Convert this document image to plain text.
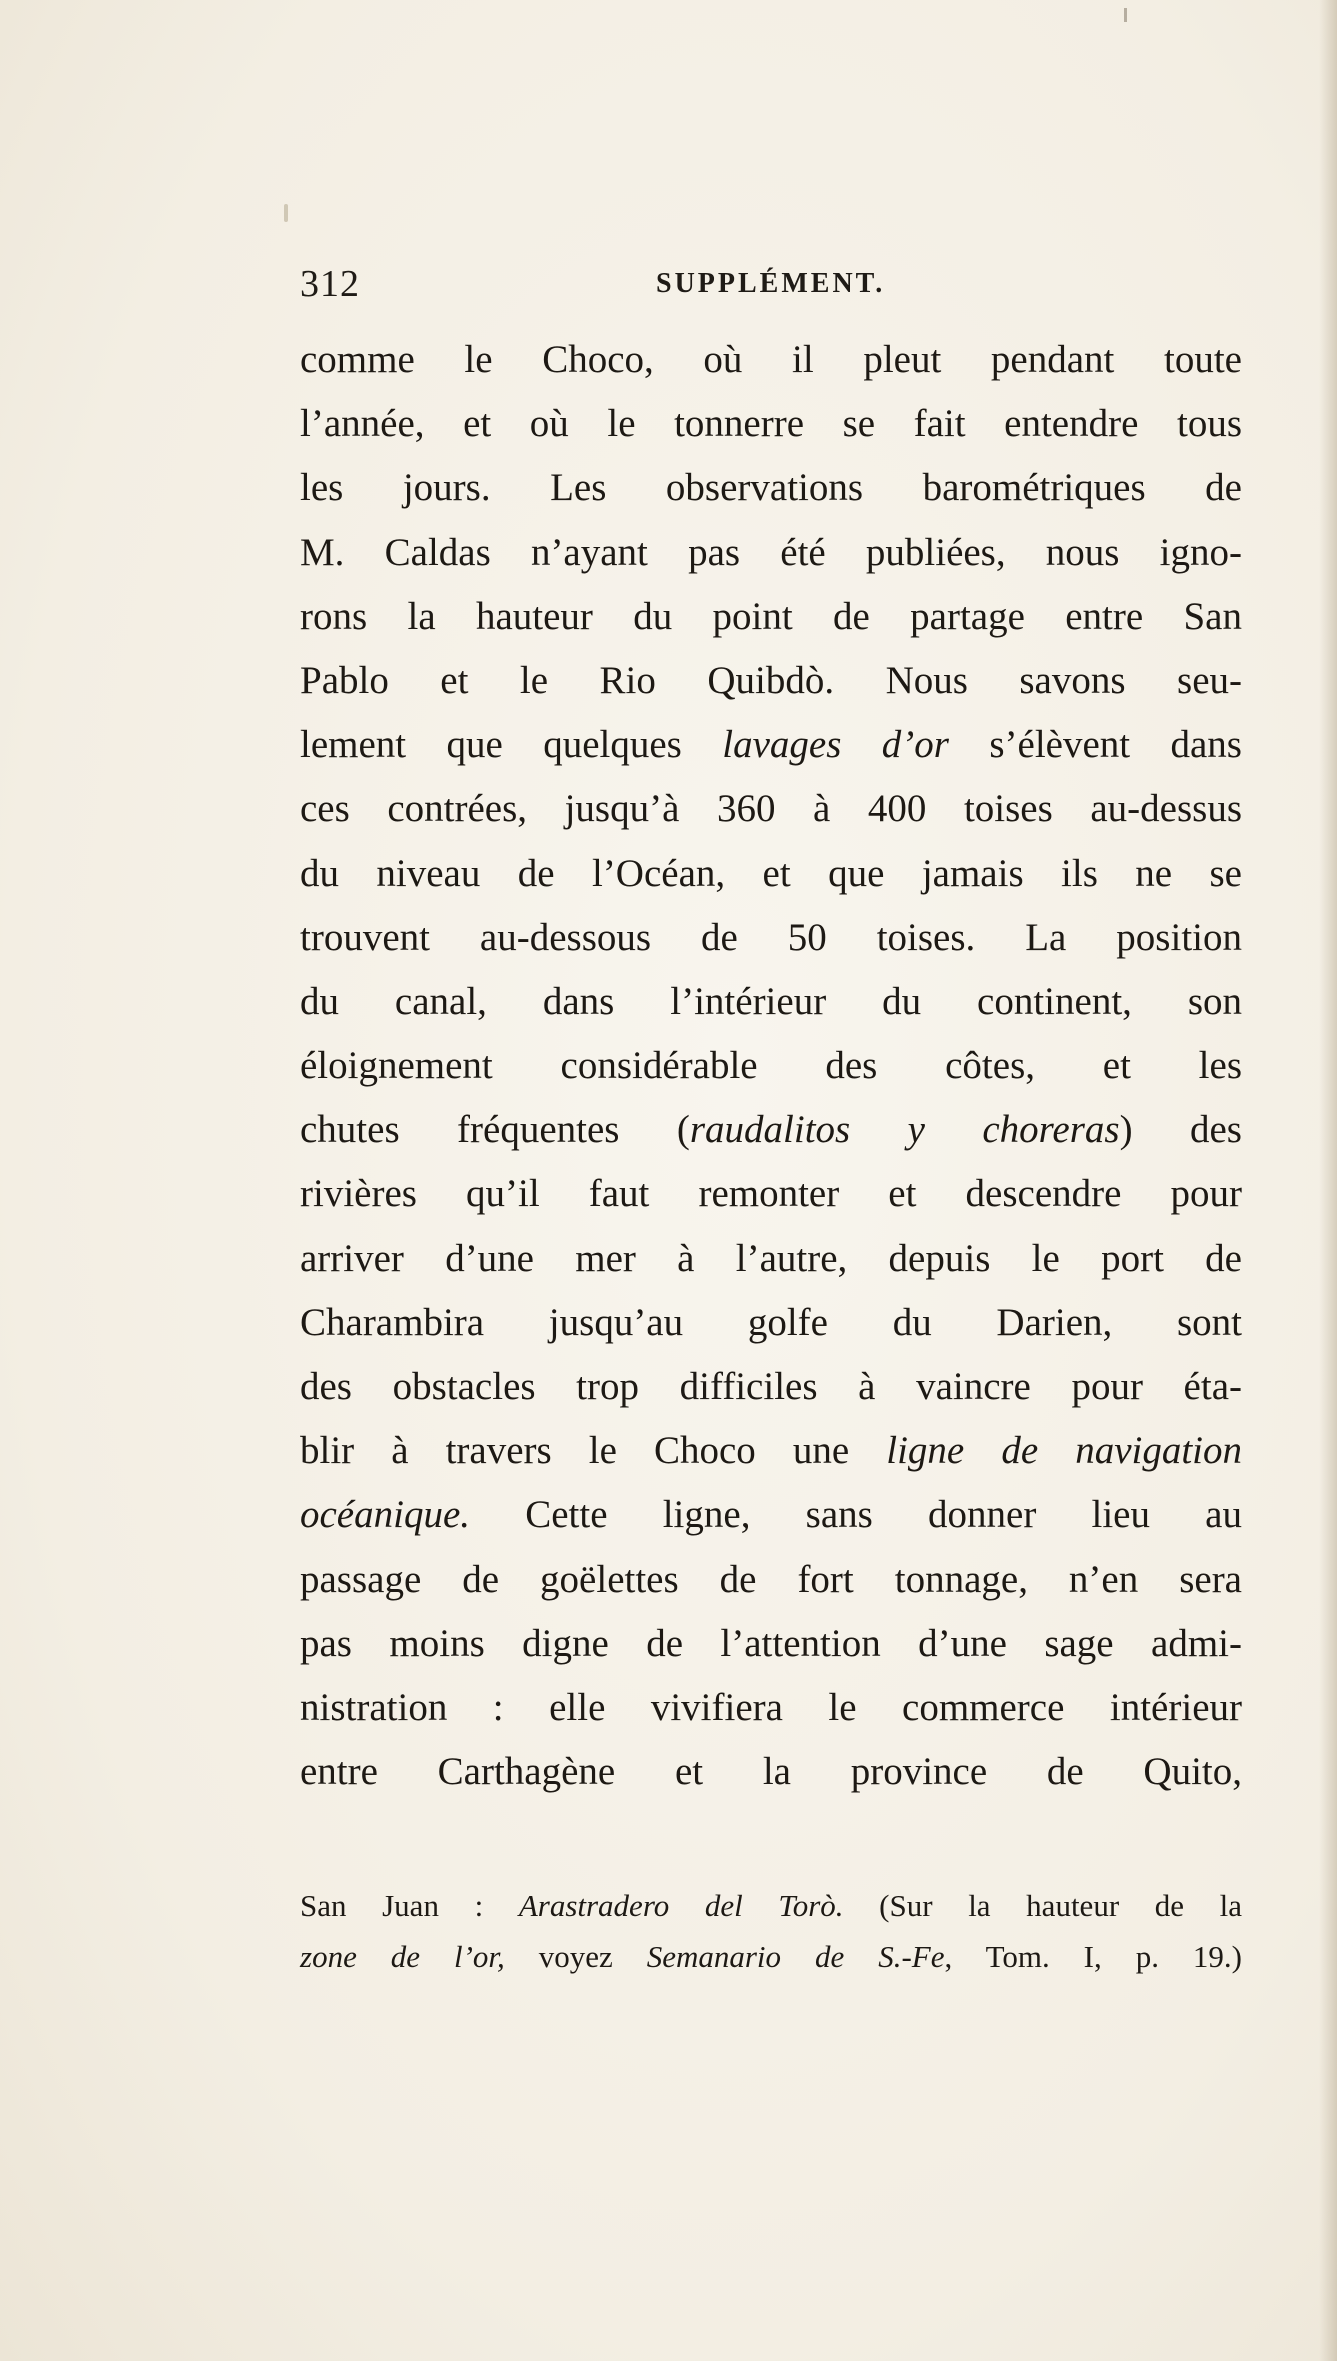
312	SUPPLÉMENT.
comme le Choco, où il pleut pendant toute
l’année, et où le tonnerre se fait entendre tous
les jours. Les observations barométriques de
M. Caldas n’ayant pas été publiées, nous igno-
rons la hauteur du point de partage entre San
Pablo et le Rio Quibdò. Nous savons seu-
lement que quelques lavages d’or s’élèvent dans
ces contrées, jusqu’à 360 à 400 toises au-dessus
du niveau de l’Océan, et que jamais ils ne se
trouvent au-dessous de 50 toises. La position
du canal, dans l’intérieur du continent, son
éloignement considérable des côtes, et les
chutes fréquentes (raudalitos y choreras) des
rivières qu’il faut remonter et descendre pour
arriver d’une mer à l’autre, depuis le port de
Charambira jusqu’au golfe du Darien, sont
des obstacles trop difficiles à vaincre pour éta-
blir à travers le Choco une ligne de navigation
océanique. Cette ligne, sans donner lieu au
passage de goëlettes de fort tonnage, n’en sera
pas moins digne de l’attention d’une sage admi-
nistration : elle vivifiera le commerce intérieur
entre Carthagène et la province de Quito,
San Juan : Arastradero del Torò. (Sur la hauteur de la
zone de l’or, voyez Semanario de S.-Fe, Tom. I, p. 19.)
